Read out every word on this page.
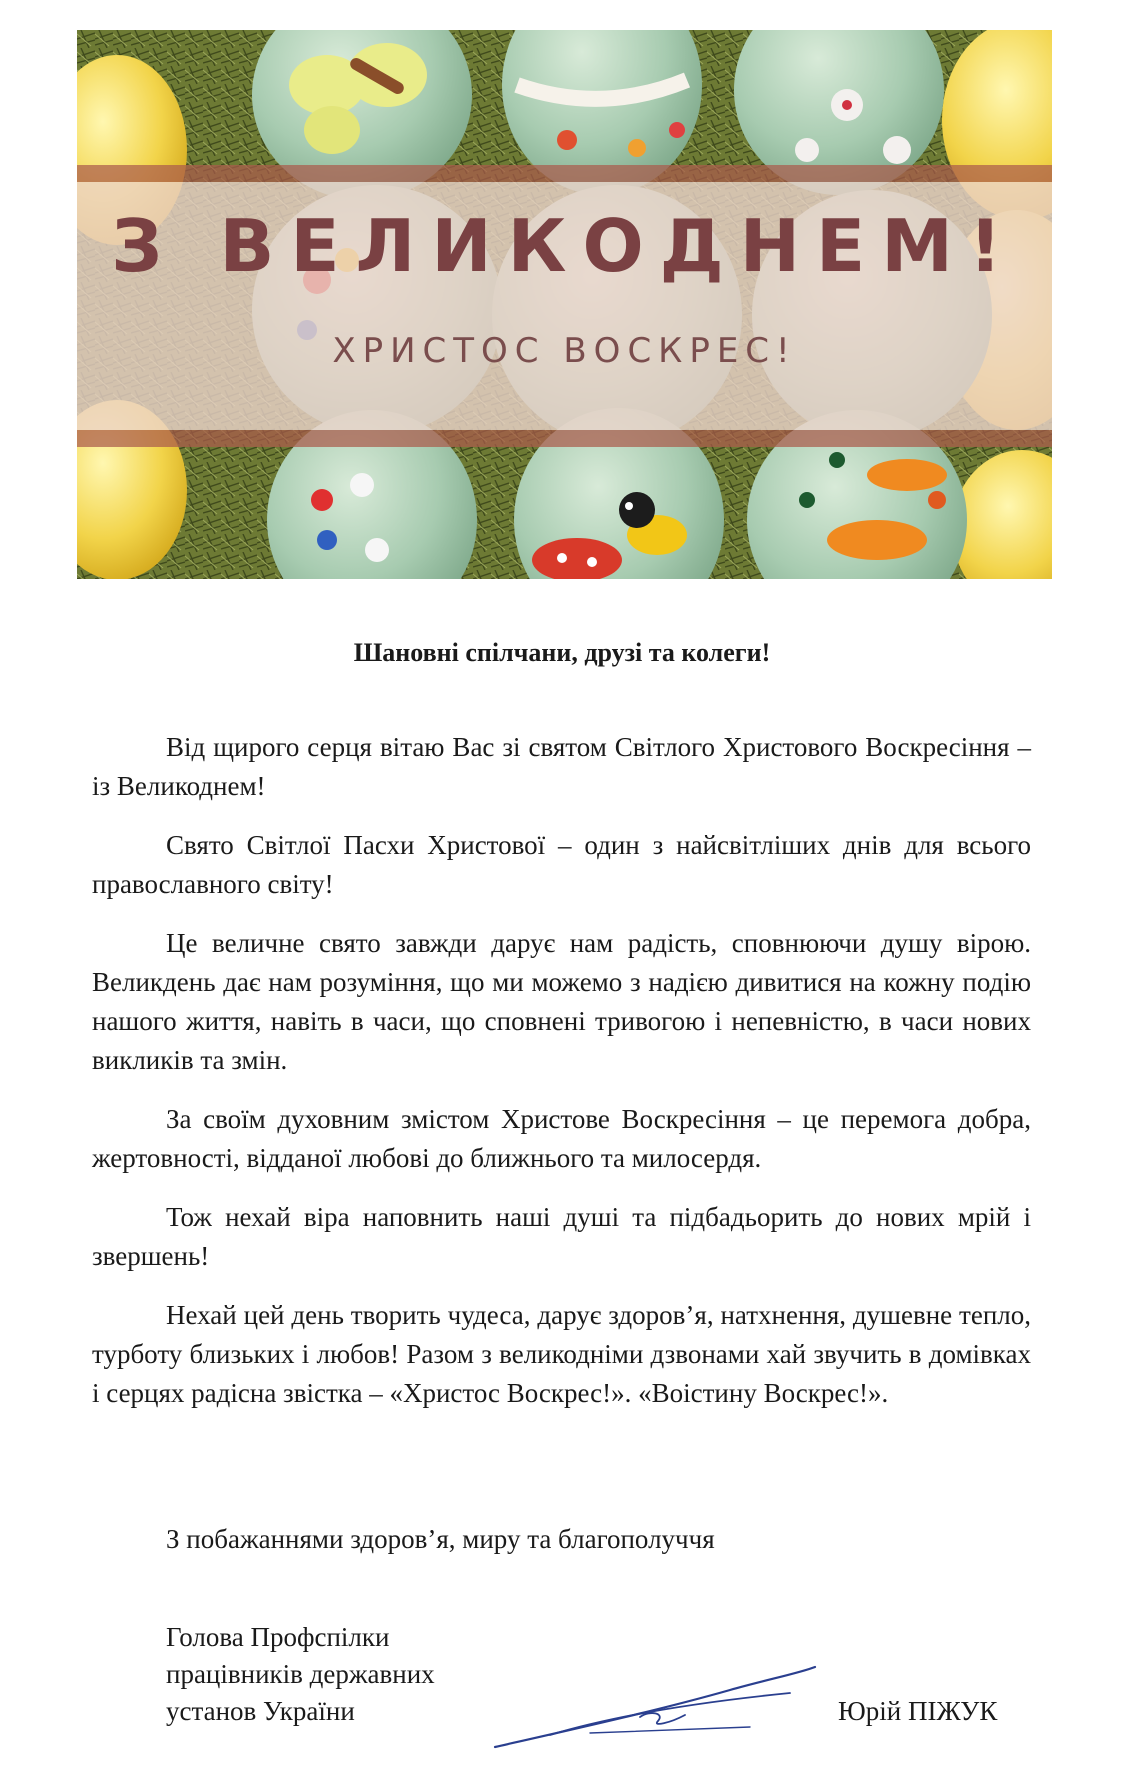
З ВЕЛИКОДНЕМ!
ХРИСТОС ВОСКРЕС!
Шановні спілчани, друзі та колеги!

Від щирого серця вітаю Вас зі святом Світлого Христового Воскресіння – із Великоднем!

Свято Світлої Пасхи Христової – один з найсвітліших днів для всього православного світу!

Це величне свято завжди дарує нам радість, сповнюючи душу вірою. Великдень дає нам розуміння, що ми можемо з надією дивитися на кожну подію нашого життя, навіть в часи, що сповнені тривогою і непевністю, в часи нових викликів та змін.

За своїм духовним змістом Христове Воскресіння – це перемога добра, жертовності, відданої любові до ближнього та милосердя.

Тож нехай віра наповнить наші душі та підбадьорить до нових мрій і звершень!

Нехай цей день творить чудеса, дарує здоров’я, натхнення, душевне тепло, турботу близьких і любов! Разом з великодніми дзвонами хай звучить в домівках і серцях радісна звістка – «Христос Воскрес!». «Воістину Воскрес!».

З побажаннями здоров’я, миру та благополуччя
Голова Профспілки
працівників державних
установ України	Юрій ПІЖУК
